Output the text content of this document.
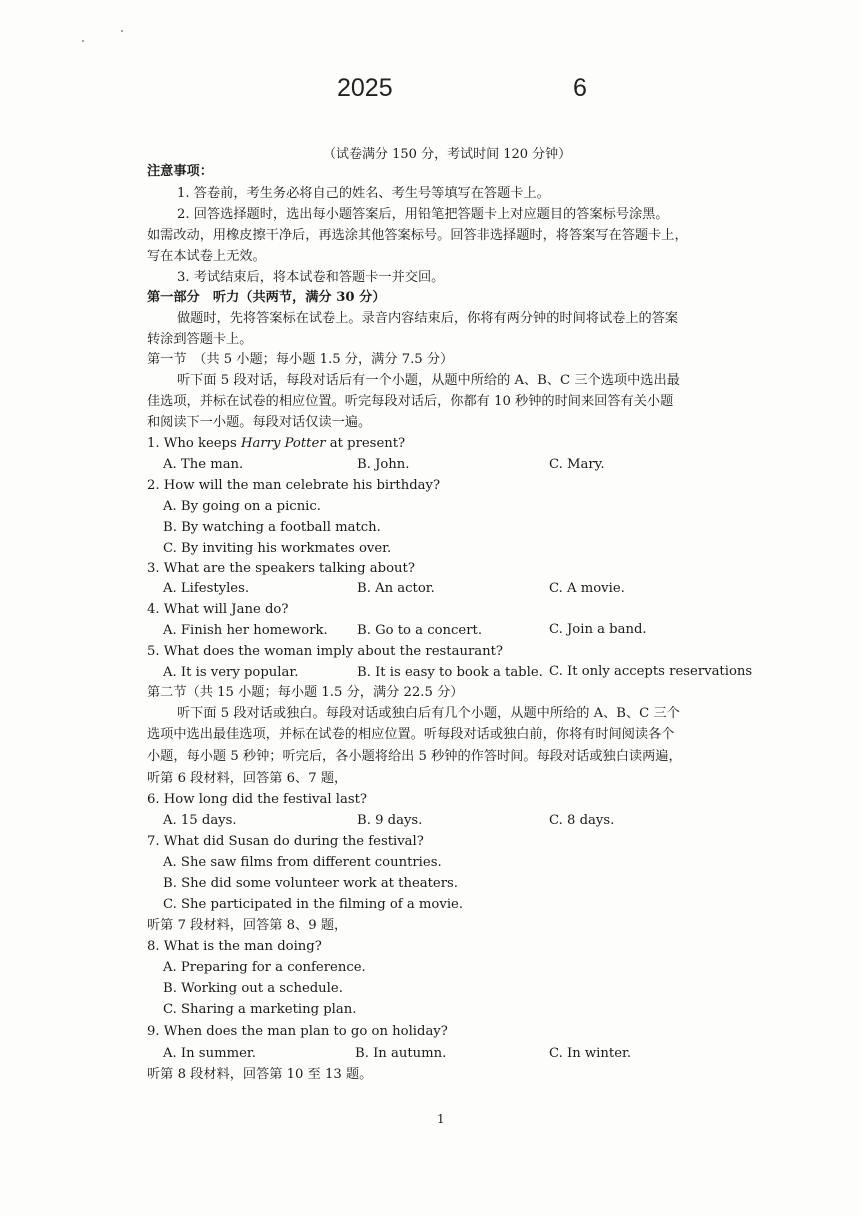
2025	6
（试卷满分 150 分，考试时间 120 分钟）
注意事项：
1. 答卷前，考生务必将自己的姓名、考生号等填写在答题卡上。
2. 回答选择题时，选出每小题答案后，用铅笔把答题卡上对应题目的答案标号涂黑。
如需改动，用橡皮擦干净后，再选涂其他答案标号。回答非选择题时，将答案写在答题卡上，
写在本试卷上无效。
3. 考试结束后，将本试卷和答题卡一并交回。
第一部分　听力（共两节，满分 30 分）
做题时，先将答案标在试卷上。录音内容结束后，你将有两分钟的时间将试卷上的答案
转涂到答题卡上。
第一节　（共 5 小题；每小题 1.5 分，满分 7.5 分）
听下面 5 段对话，每段对话后有一个小题，从题中所给的 A、B、C 三个选项中选出最
佳选项，并标在试卷的相应位置。听完每段对话后，你都有 10 秒钟的时间来回答有关小题
和阅读下一小题。每段对话仅读一遍。
1. Who keeps Harry Potter at present?
A. The man.	B. John.	C. Mary.
2. How will the man celebrate his birthday?
A. By going on a picnic.
B. By watching a football match.
C. By inviting his workmates over.
3. What are the speakers talking about?
A. Lifestyles.	B. An actor.	C. A movie.
4. What will Jane do?
A. Finish her homework. B. Go to a concert.	C. Join a band.
5. What does the woman imply about the restaurant?
A. It is very popular.	B. It is easy to book a table. C. It only accepts reservations
第二节（共 15 小题；每小题 1.5 分，满分 22.5 分）
听下面 5 段对话或独白。每段对话或独白后有几个小题，从题中所给的 A、B、C 三个
选项中选出最佳选项，并标在试卷的相应位置。听每段对话或独白前，你将有时间阅读各个
小题，每小题 5 秒钟；听完后，各小题将给出 5 秒钟的作答时间。每段对话或独白读两遍，
听第 6 段材料，回答第 6、7 题，
6. How long did the festival last?
A. 15 days.	B. 9 days.	C. 8 days.
7. What did Susan do during the festival?
A. She saw films from different countries.
B. She did some volunteer work at theaters.
C. She participated in the filming of a movie.
听第 7 段材料，回答第 8、9 题，
8. What is the man doing?
A. Preparing for a conference.
B. Working out a schedule.
C. Sharing a marketing plan.
9. When does the man plan to go on holiday?
A. In summer.	B. In autumn.	C. In winter.
听第 8 段材料，回答第 10 至 13 题。
1
